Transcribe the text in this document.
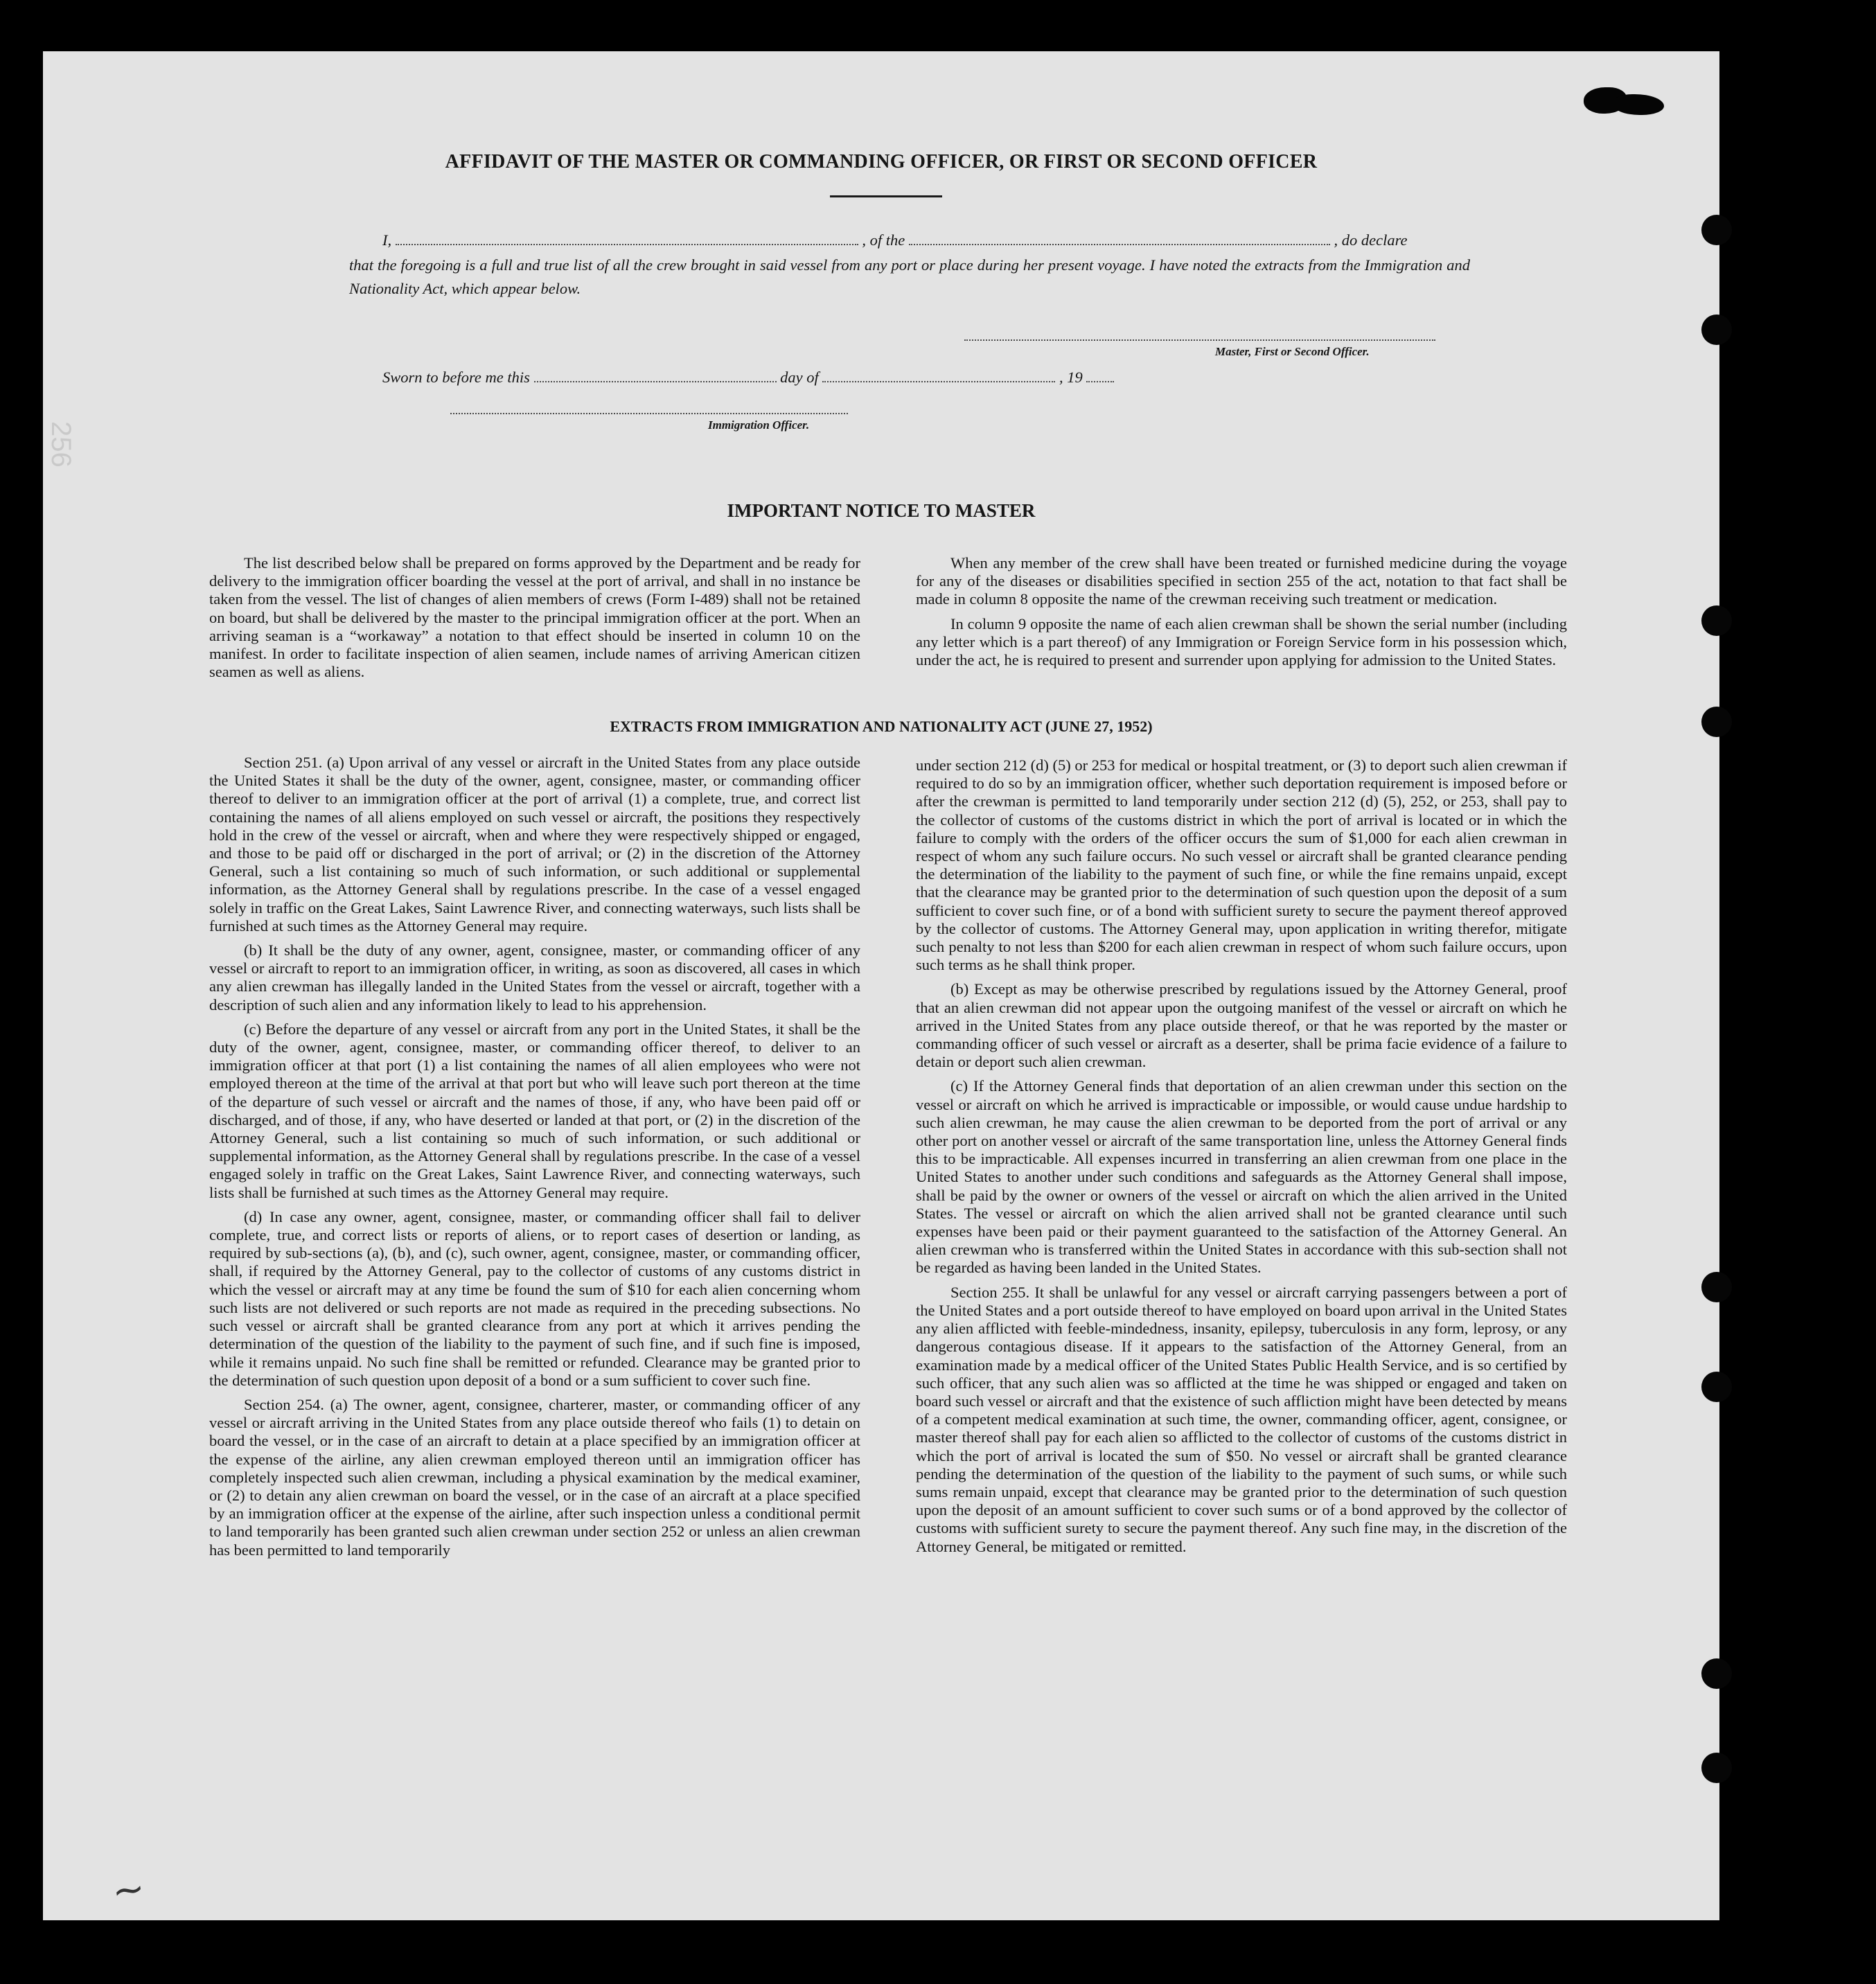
256
AFFIDAVIT OF THE MASTER OR COMMANDING OFFICER, OR FIRST OR SECOND OFFICER
I,	, of the	, do declare
that the foregoing is a full and true list of all the crew brought in said vessel from any port or place during her present voyage. I have noted the extracts from the Immigration and Nationality Act, which appear below.
Master, First or Second Officer.
Sworn to before me this	day of	, 19
Immigration Officer.
IMPORTANT NOTICE TO MASTER

The list described below shall be prepared on forms approved by the Department and be ready for delivery to the immigration officer boarding the vessel at the port of arrival, and shall in no instance be taken from the vessel. The list of changes of alien members of crews (Form I-489) shall not be retained on board, but shall be delivered by the master to the principal immigration officer at the port. When an arriving seaman is a “workaway” a notation to that effect should be inserted in column 10 on the manifest. In order to facilitate inspection of alien seamen, include names of arriving American citizen seamen as well as aliens.

When any member of the crew shall have been treated or furnished medicine during the voyage for any of the diseases or disabilities specified in section 255 of the act, notation to that fact shall be made in column 8 opposite the name of the crewman receiving such treatment or medication.

In column 9 opposite the name of each alien crewman shall be shown the serial number (including any letter which is a part thereof) of any Immigration or Foreign Service form in his possession which, under the act, he is required to present and surrender upon applying for admission to the United States.

EXTRACTS FROM IMMIGRATION AND NATIONALITY ACT (JUNE 27, 1952)

Section 251. (a) Upon arrival of any vessel or aircraft in the United States from any place outside the United States it shall be the duty of the owner, agent, consignee, master, or commanding officer thereof to deliver to an immigration officer at the port of arrival (1) a complete, true, and correct list containing the names of all aliens employed on such vessel or aircraft, the positions they respectively hold in the crew of the vessel or aircraft, when and where they were respectively shipped or engaged, and those to be paid off or discharged in the port of arrival; or (2) in the discretion of the Attorney General, such a list containing so much of such information, or such additional or supplemental information, as the Attorney General shall by regulations prescribe. In the case of a vessel engaged solely in traffic on the Great Lakes, Saint Lawrence River, and connecting waterways, such lists shall be furnished at such times as the Attorney General may require.

(b) It shall be the duty of any owner, agent, consignee, master, or commanding officer of any vessel or aircraft to report to an immigration officer, in writing, as soon as discovered, all cases in which any alien crewman has illegally landed in the United States from the vessel or aircraft, together with a description of such alien and any information likely to lead to his apprehension.

(c) Before the departure of any vessel or aircraft from any port in the United States, it shall be the duty of the owner, agent, consignee, master, or commanding officer thereof, to deliver to an immigration officer at that port (1) a list containing the names of all alien employees who were not employed thereon at the time of the arrival at that port but who will leave such port thereon at the time of the departure of such vessel or aircraft and the names of those, if any, who have been paid off or discharged, and of those, if any, who have deserted or landed at that port, or (2) in the discretion of the Attorney General, such a list containing so much of such information, or such additional or supplemental information, as the Attorney General shall by regulations prescribe. In the case of a vessel engaged solely in traffic on the Great Lakes, Saint Lawrence River, and connecting waterways, such lists shall be furnished at such times as the Attorney General may require.

(d) In case any owner, agent, consignee, master, or commanding officer shall fail to deliver complete, true, and correct lists or reports of aliens, or to report cases of desertion or landing, as required by sub-sections (a), (b), and (c), such owner, agent, consignee, master, or commanding officer, shall, if required by the Attorney General, pay to the collector of customs of any customs district in which the vessel or aircraft may at any time be found the sum of $10 for each alien concerning whom such lists are not delivered or such reports are not made as required in the preceding subsections. No such vessel or aircraft shall be granted clearance from any port at which it arrives pending the determination of the question of the liability to the payment of such fine, and if such fine is imposed, while it remains unpaid. No such fine shall be remitted or refunded. Clearance may be granted prior to the determination of such question upon deposit of a bond or a sum sufficient to cover such fine.

Section 254. (a) The owner, agent, consignee, charterer, master, or commanding officer of any vessel or aircraft arriving in the United States from any place outside thereof who fails (1) to detain on board the vessel, or in the case of an aircraft to detain at a place specified by an immigration officer at the expense of the airline, any alien crewman employed thereon until an immigration officer has completely inspected such alien crewman, including a physical examination by the medical examiner, or (2) to detain any alien crewman on board the vessel, or in the case of an aircraft at a place specified by an immigration officer at the expense of the airline, after such inspection unless a conditional permit to land temporarily has been granted such alien crewman under section 252 or unless an alien crewman has been permitted to land temporarily

under section 212 (d) (5) or 253 for medical or hospital treatment, or (3) to deport such alien crewman if required to do so by an immigration officer, whether such deportation requirement is imposed before or after the crewman is permitted to land temporarily under section 212 (d) (5), 252, or 253, shall pay to the collector of customs of the customs district in which the port of arrival is located or in which the failure to comply with the orders of the officer occurs the sum of $1,000 for each alien crewman in respect of whom any such failure occurs. No such vessel or aircraft shall be granted clearance pending the determination of the liability to the payment of such fine, or while the fine remains unpaid, except that the clearance may be granted prior to the determination of such question upon the deposit of a sum sufficient to cover such fine, or of a bond with sufficient surety to secure the payment thereof approved by the collector of customs. The Attorney General may, upon application in writing therefor, mitigate such penalty to not less than $200 for each alien crewman in respect of whom such failure occurs, upon such terms as he shall think proper.

(b) Except as may be otherwise prescribed by regulations issued by the Attorney General, proof that an alien crewman did not appear upon the outgoing manifest of the vessel or aircraft on which he arrived in the United States from any place outside thereof, or that he was reported by the master or commanding officer of such vessel or aircraft as a deserter, shall be prima facie evidence of a failure to detain or deport such alien crewman.

(c) If the Attorney General finds that deportation of an alien crewman under this section on the vessel or aircraft on which he arrived is impracticable or impossible, or would cause undue hardship to such alien crewman, he may cause the alien crewman to be deported from the port of arrival or any other port on another vessel or aircraft of the same transportation line, unless the Attorney General finds this to be impracticable. All expenses incurred in transferring an alien crewman from one place in the United States to another under such conditions and safeguards as the Attorney General shall impose, shall be paid by the owner or owners of the vessel or aircraft on which the alien arrived in the United States. The vessel or aircraft on which the alien arrived shall not be granted clearance until such expenses have been paid or their payment guaranteed to the satisfaction of the Attorney General. An alien crewman who is transferred within the United States in accordance with this sub-section shall not be regarded as having been landed in the United States.

Section 255. It shall be unlawful for any vessel or aircraft carrying passengers between a port of the United States and a port outside thereof to have employed on board upon arrival in the United States any alien afflicted with feeble-mindedness, insanity, epilepsy, tuberculosis in any form, leprosy, or any dangerous contagious disease. If it appears to the satisfaction of the Attorney General, from an examination made by a medical officer of the United States Public Health Service, and is so certified by such officer, that any such alien was so afflicted at the time he was shipped or engaged and taken on board such vessel or aircraft and that the existence of such affliction might have been detected by means of a competent medical examination at such time, the owner, commanding officer, agent, consignee, or master thereof shall pay for each alien so afflicted to the collector of customs of the customs district in which the port of arrival is located the sum of $50. No vessel or aircraft shall be granted clearance pending the determination of the question of the liability to the payment of such sums, or while such sums remain unpaid, except that clearance may be granted prior to the determination of such question upon the deposit of an amount sufficient to cover such sums or of a bond approved by the collector of customs with sufficient surety to secure the payment thereof. Any such fine may, in the discretion of the Attorney General, be mitigated or remitted.

~
